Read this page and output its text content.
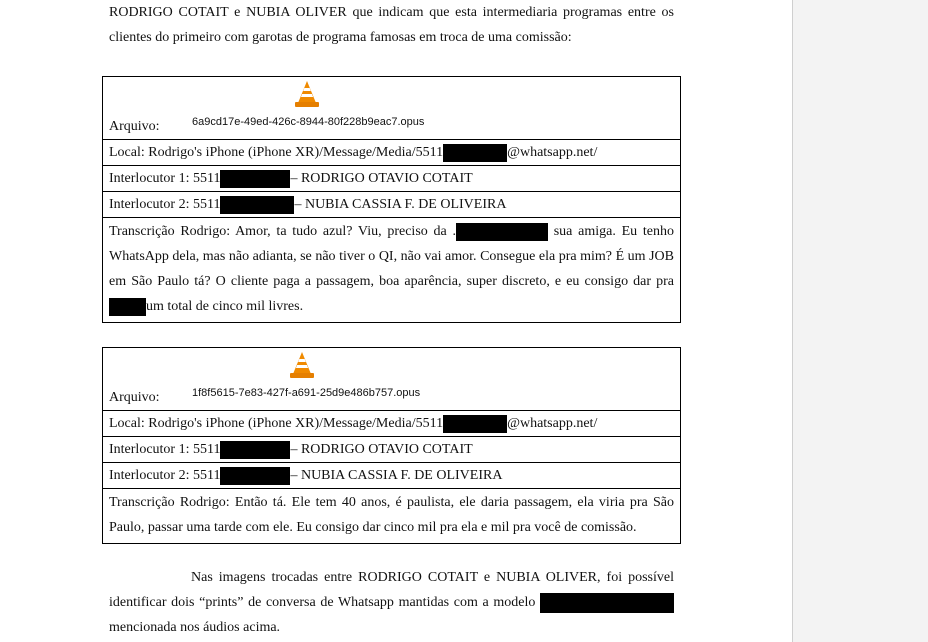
RODRIGO COTAIT e NUBIA OLIVER que indicam que esta intermediaria programas entre os clientes do primeiro com garotas de programa famosas em troca de uma comissão:
6a9cd17e-49ed-426c-8944-80f228b9eac7.opus
Arquivo:
Local: Rodrigo's iPhone (iPhone XR)/Message/Media/5511	@whatsapp.net/
Interlocutor 1: 5511	– RODRIGO OTAVIO COTAIT
Interlocutor 2: 5511	– NUBIA CASSIA F. DE OLIVEIRA
Transcrição Rodrigo: Amor, ta tudo azul? Viu, preciso da .	sua amiga. Eu tenho WhatsApp dela, mas não adianta, se não tiver o QI, não vai amor. Consegue ela pra mim? É um JOB em São Paulo tá? O cliente paga a passagem, boa aparência, super discreto, e eu consigo dar pra um total de cinco mil livres.
1f8f5615-7e83-427f-a691-25d9e486b757.opus
Arquivo:
Local: Rodrigo's iPhone (iPhone XR)/Message/Media/5511	@whatsapp.net/
Interlocutor 1: 5511	– RODRIGO OTAVIO COTAIT
Interlocutor 2: 5511	– NUBIA CASSIA F. DE OLIVEIRA
Transcrição Rodrigo: Então tá. Ele tem 40 anos, é paulista, ele daria passagem, ela viria pra São Paulo, passar uma tarde com ele. Eu consigo dar cinco mil pra ela e mil pra você de comissão.
Nas imagens trocadas entre RODRIGO COTAIT e NUBIA OLIVER, foi possível identificar dois “prints” de conversa de Whatsapp mantidas com a modelo  mencionada nos áudios acima.
